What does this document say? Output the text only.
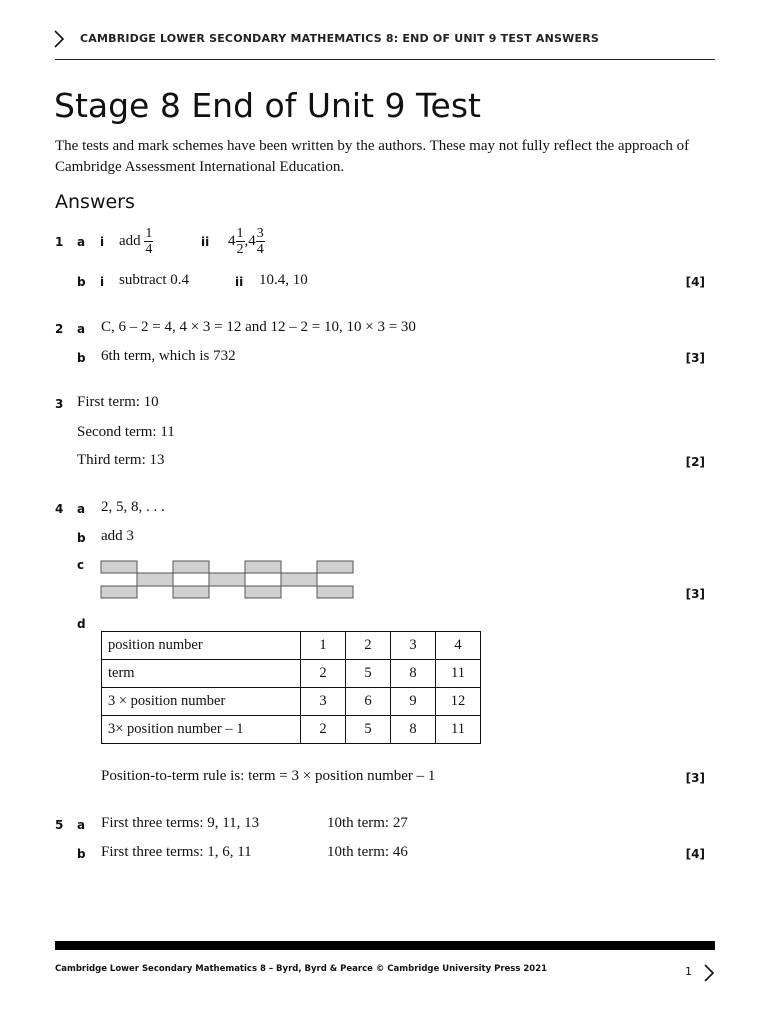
CAMBRIDGE LOWER SECONDARY MATHEMATICS 8: END OF UNIT 9 TEST ANSWERS
Stage 8 End of Unit 9 Test
The tests and mark schemes have been written by the authors. These may not fully reflect the approach of Cambridge Assessment International Education.
Answers
1 a i add
$\frac{1}{4}$	ii $4 \frac{1}{2}$ , $4 \frac{3}{4}$
b i subtract 0.4	ii 10.4, 10	[4]
2 a C, 6 – 2 = 4, 4 × 3 = 12 and 12 – 2 = 10, 10 × 3 = 30
b 6th term, which is 732	[3]
3 First term: 10
Second term: 11
Third term: 13	[2]
4 a 2, 5, 8, . . .
b add 3
c
[3]
d
position number	1	2	3	4
term	2	5	8	11
3 × position number	3	6	9	12
3× position number – 1	2	5	8	11
Position-to-term rule is: term = 3 × position number – 1	[3]
5 a First three terms: 9, 11, 13	10th term: 27
b First three terms: 1, 6, 11	10th term: 46	[4]
Cambridge Lower Secondary Mathematics 8 – Byrd, Byrd & Pearce © Cambridge University Press 2021	1
